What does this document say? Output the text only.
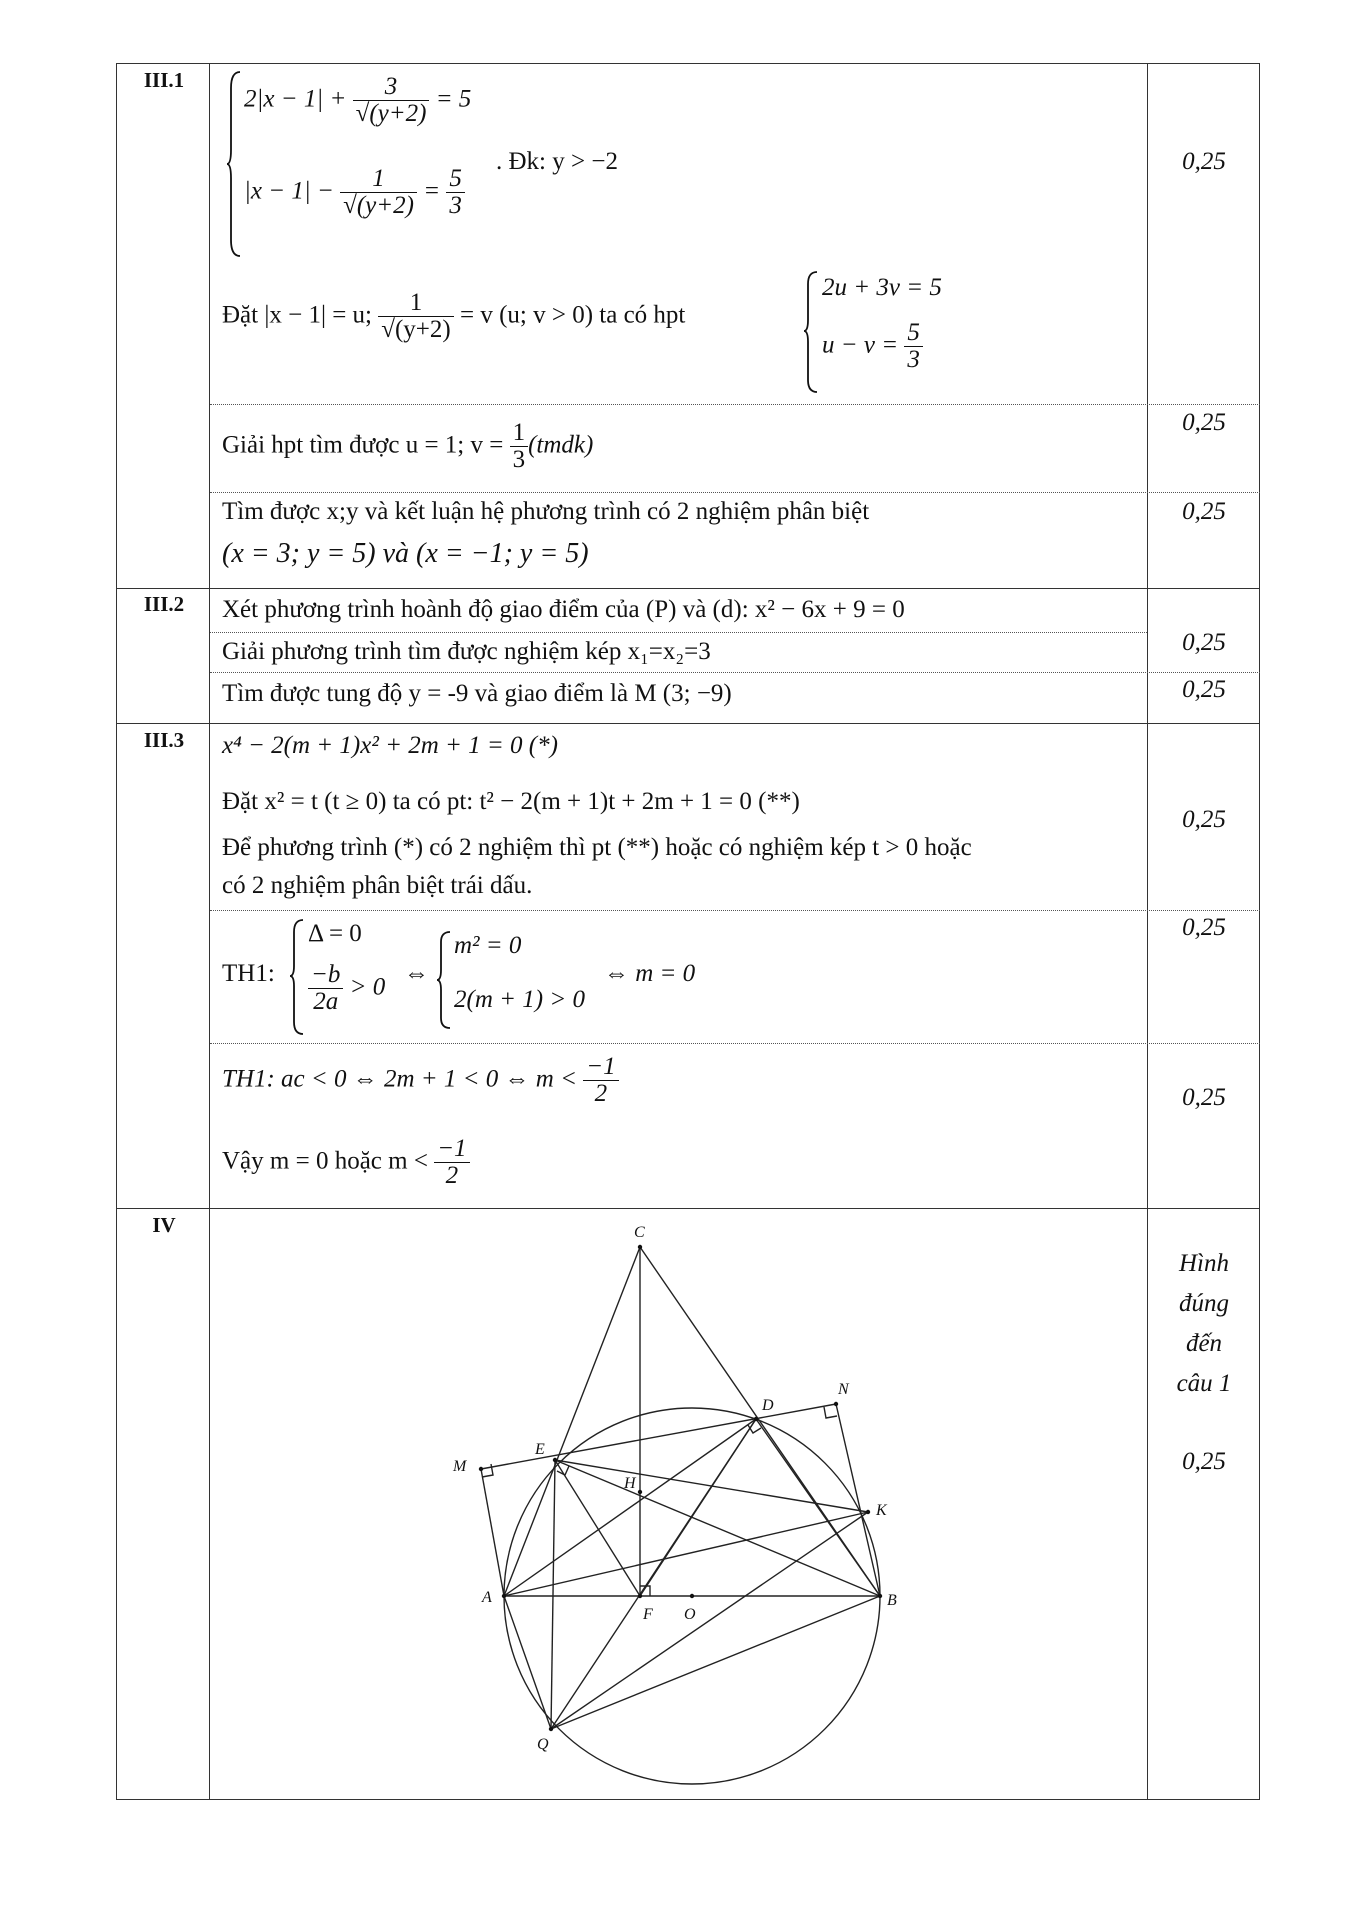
III.1
III.2
III.3
IV
0,25
0,25
0,25
0,25
0,25
0,25
0,25
0,25
Hình
đúng
đến
câu 1
0,25
$2|x - 1| + \frac{3}{√(y+2)} = 5$
$|x - 1| - \frac{1}{√(y+2)} = \frac{5}{3}$
. Đk: y > −2
Đặt |x − 1| = u; $\frac{1}{√(y+2)} = v$ (u; v > 0) ta có hpt
2u + 3v = 5
$u - v = \frac{5}{3}$
Giải hpt tìm được u = 1; $v = \frac{1}{3}$ (tmdk)
Tìm được x;y và kết luận hệ phương trình có 2 nghiệm phân biệt
(x = 3; y = 5) và (x = −1; y = 5)
Xét phương trình hoành độ giao điểm của (P) và (d): x² − 6x + 9 = 0
Giải phương trình tìm được nghiệm kép x₁=x₂=3
Tìm được tung độ y = -9 và giao điểm là M (3; −9)
x⁴ − 2(m + 1)x² + 2m + 1 = 0 (*)
Đặt x² = t (t ≥ 0) ta có pt: t² − 2(m + 1)t + 2m + 1 = 0 (**)
Để phương trình (*) có 2 nghiệm thì pt (**) hoặc có nghiệm kép t > 0 hoặc
có 2 nghiệm phân biệt trái dấu.
TH1:
Δ = 0
$\frac{-b}{2a} > 0$ ⇔
m² = 0
2(m + 1) > 0
⇔ m = 0
TH1: ac < 0 ⇔ 2m + 1 < 0 ⇔ $m < \frac{-1}{2}$
Vậy m = 0 hoặc $m < \frac{-1}{2}$
C
D
N
E
M
H
K
A
F O
B
Q
